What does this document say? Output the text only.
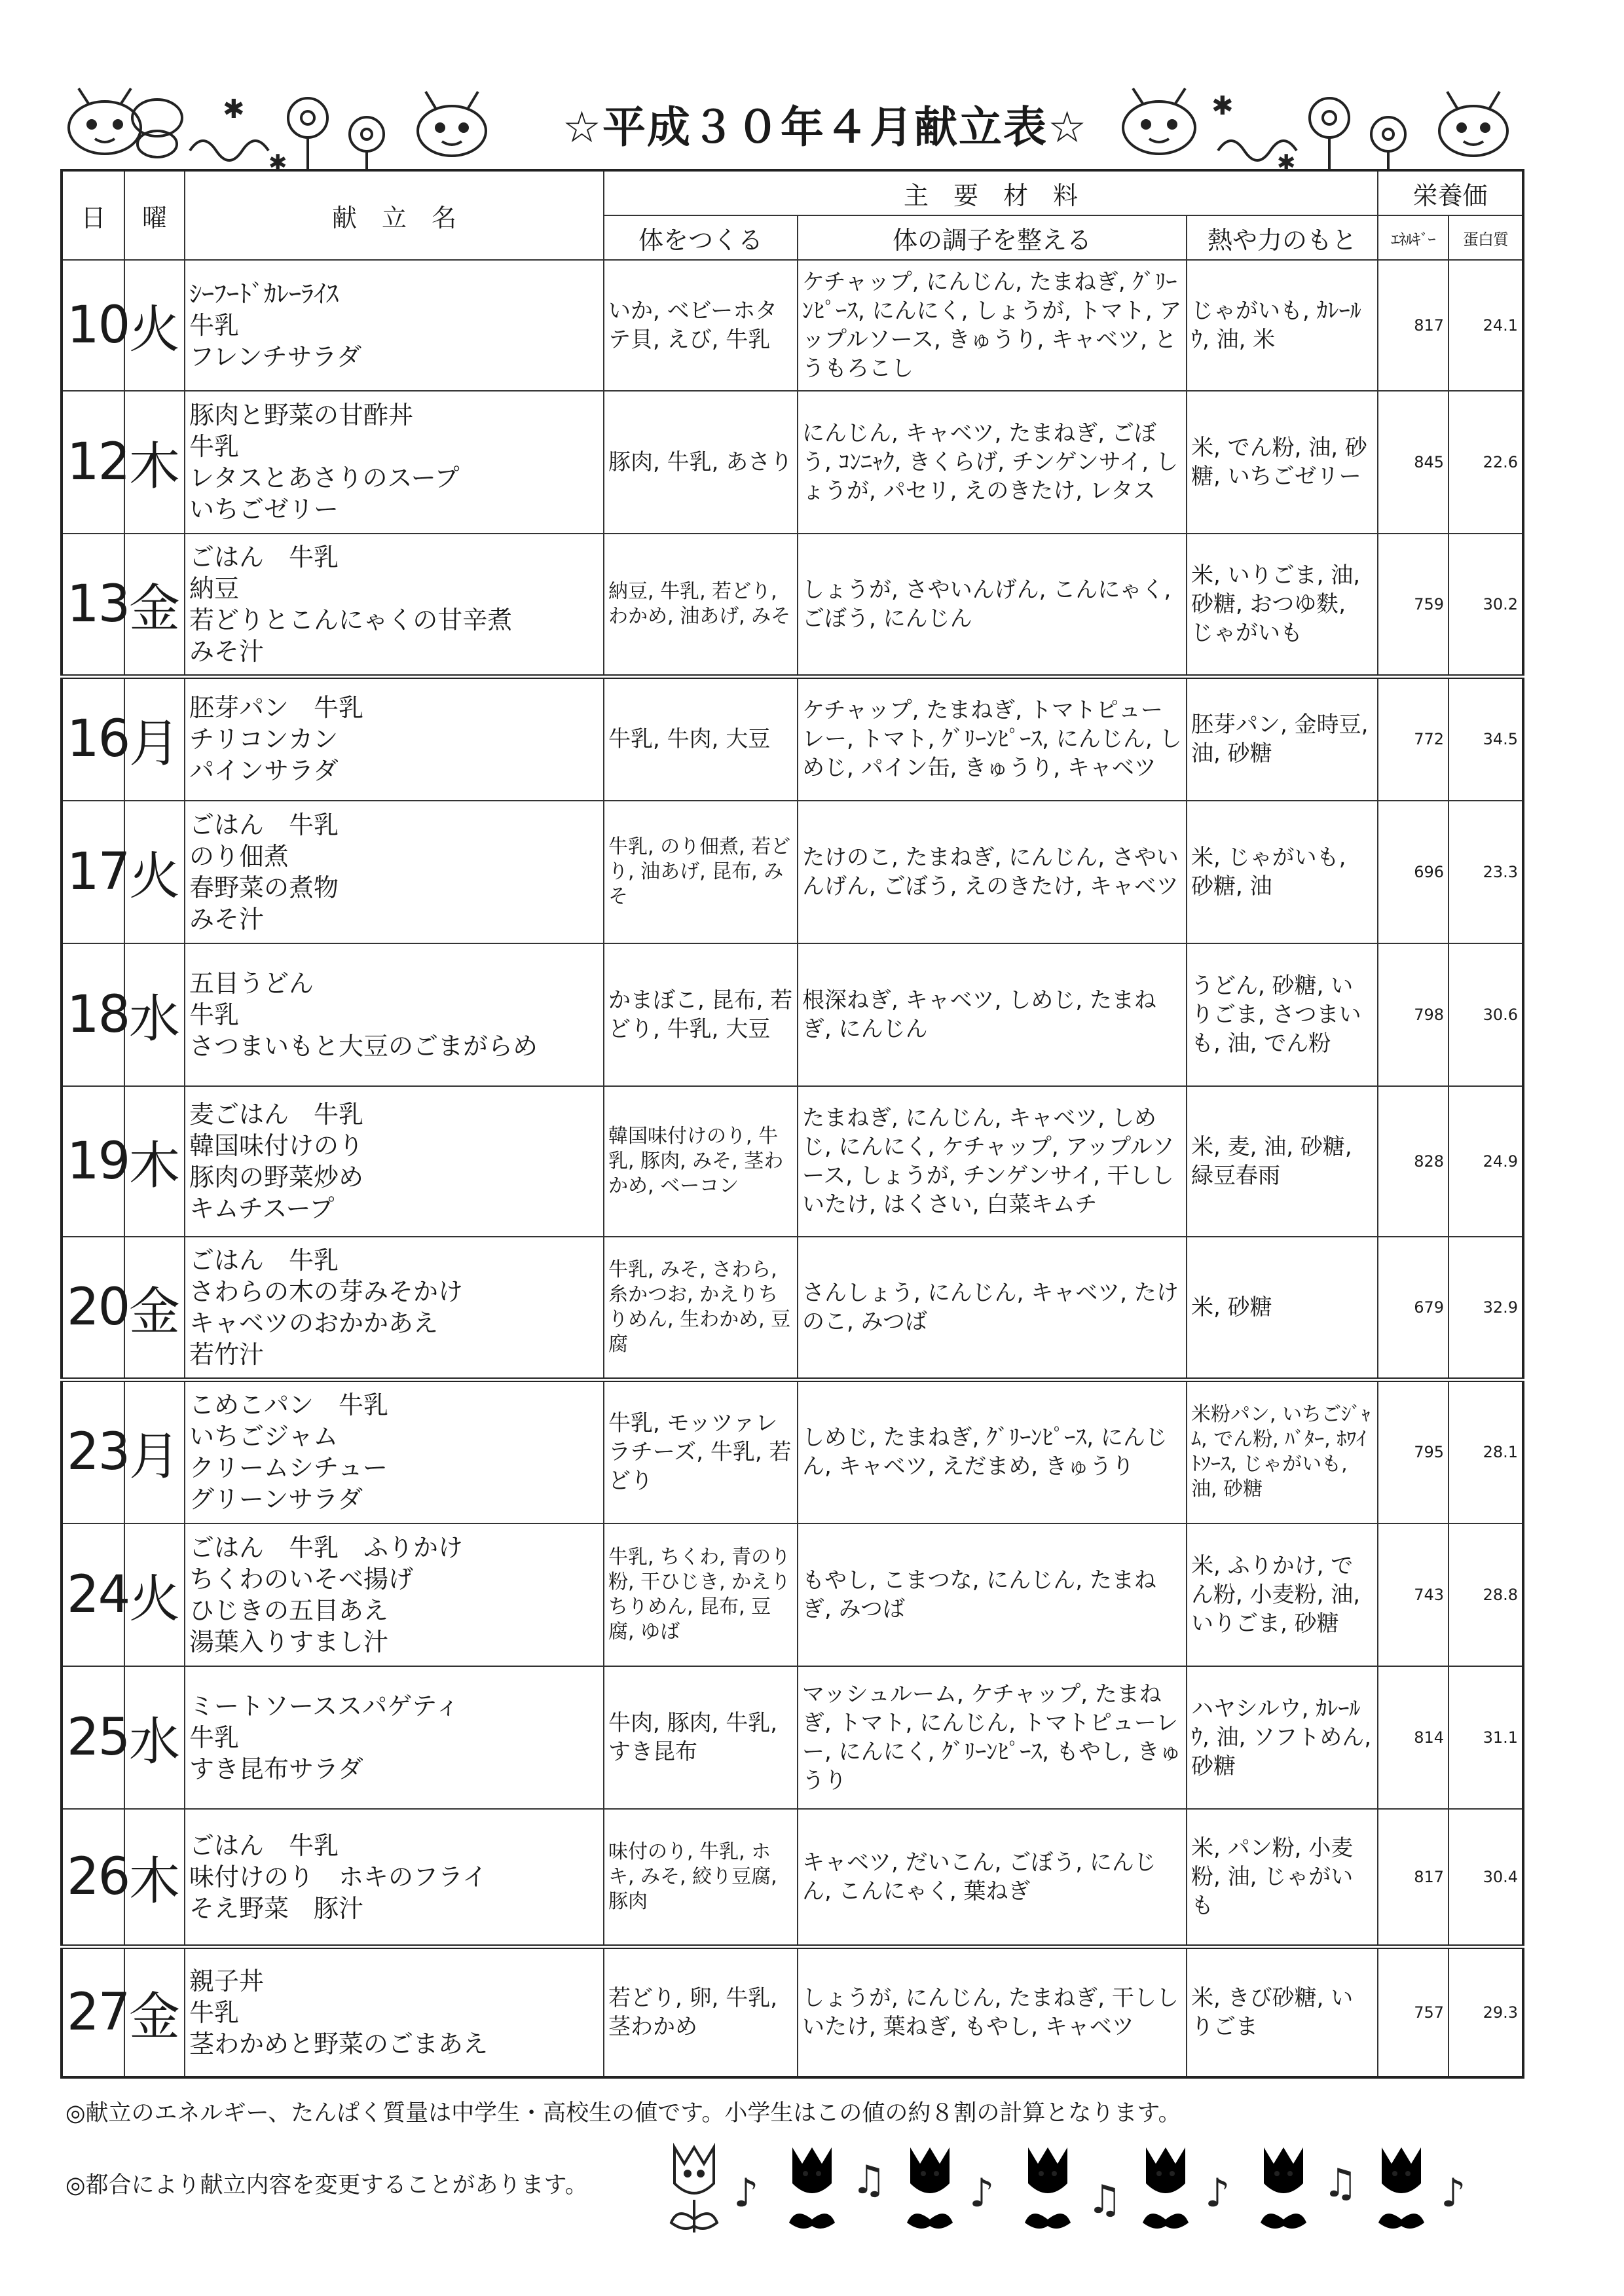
✱
✱
☆平成３０年４月献立表☆	✱
✱
日	曜	献　立　名	主　要　材　料			栄養価	
			体をつくる	体の調子を整える	熱や力のもと	ｴﾈﾙｷﾞｰ	蛋白質
10	火	ｼｰﾌｰﾄﾞｶﾚｰﾗｲｽ
牛乳
フレンチサラダ	いか, ベビーホタテ貝, えび, 牛乳	ケチャップ, にんじん, たまねぎ, ｸﾞﾘｰﾝﾋﾟｰｽ, にんにく, しょうが, トマト, アップルソース, きゅうり, キャベツ, とうもろこし	じゃがいも, ｶﾚｰﾙｳ, 油, 米	817	24.1
12	木	豚肉と野菜の甘酢丼
牛乳
レタスとあさりのスープ
いちごゼリー	豚肉, 牛乳, あさり	にんじん, キャベツ, たまねぎ, ごぼう, ｺﾝﾆｬｸ, きくらげ, チンゲンサイ, しょうが, パセリ, えのきたけ, レタス	米, でん粉, 油, 砂糖, いちごゼリー	845	22.6
13	金	ごはん　牛乳
納豆
若どりとこんにゃくの甘辛煮
みそ汁	納豆, 牛乳, 若どり, わかめ, 油あげ, みそ	しょうが, さやいんげん, こんにゃく, ごぼう, にんじん	米, いりごま, 油, 砂糖, おつゆ麩, じゃがいも	759	30.2
16	月	胚芽パン　牛乳
チリコンカン
パインサラダ	牛乳, 牛肉, 大豆	ケチャップ, たまねぎ, トマトピューレー, トマト, ｸﾞﾘｰﾝﾋﾟｰｽ, にんじん, しめじ, パイン缶, きゅうり, キャベツ	胚芽パン, 金時豆, 油, 砂糖	772	34.5
17	火	ごはん　牛乳
のり佃煮
春野菜の煮物
みそ汁	牛乳, のり佃煮, 若どり, 油あげ, 昆布, みそ	たけのこ, たまねぎ, にんじん, さやいんげん, ごぼう, えのきたけ, キャベツ	米, じゃがいも, 砂糖, 油	696	23.3
18	水	五目うどん
牛乳
さつまいもと大豆のごまがらめ	かまぼこ, 昆布, 若どり, 牛乳, 大豆	根深ねぎ, キャベツ, しめじ, たまねぎ, にんじん	うどん, 砂糖, いりごま, さつまいも, 油, でん粉	798	30.6
19	木	麦ごはん　牛乳
韓国味付けのり
豚肉の野菜炒め
キムチスープ	韓国味付けのり, 牛乳, 豚肉, みそ, 茎わかめ, ベーコン	たまねぎ, にんじん, キャベツ, しめじ, にんにく, ケチャップ, アップルソース, しょうが, チンゲンサイ, 干ししいたけ, はくさい, 白菜キムチ	米, 麦, 油, 砂糖, 緑豆春雨	828	24.9
20	金	ごはん　牛乳
さわらの木の芽みそかけ
キャベツのおかかあえ
若竹汁	牛乳, みそ, さわら, 糸かつお, かえりちりめん, 生わかめ, 豆腐	さんしょう, にんじん, キャベツ, たけのこ, みつば	米, 砂糖	679	32.9
23	月	こめこパン　牛乳
いちごジャム
クリームシチュー
グリーンサラダ	牛乳, モッツァレラチーズ, 牛乳, 若どり	しめじ, たまねぎ, ｸﾞﾘｰﾝﾋﾟｰｽ, にんじん, キャベツ, えだまめ, きゅうり	米粉パン, いちごｼﾞｬﾑ, でん粉, ﾊﾞﾀｰ, ﾎﾜｲﾄｿｰｽ, じゃがいも, 油, 砂糖	795	28.1
24	火	ごはん　牛乳　ふりかけ
ちくわのいそべ揚げ
ひじきの五目あえ
湯葉入りすまし汁	牛乳, ちくわ, 青のり粉, 干ひじき, かえりちりめん, 昆布, 豆腐, ゆば	もやし, こまつな, にんじん, たまねぎ, みつば	米, ふりかけ, でん粉, 小麦粉, 油, いりごま, 砂糖	743	28.8
25	水	ミートソーススパゲティ
牛乳
すき昆布サラダ	牛肉, 豚肉, 牛乳, すき昆布	マッシュルーム, ケチャップ, たまねぎ, トマト, にんじん, トマトピューレー, にんにく, ｸﾞﾘｰﾝﾋﾟｰｽ, もやし, きゅうり	ハヤシルウ, ｶﾚｰﾙｳ, 油, ソフトめん, 砂糖	814	31.1
26	木	ごはん　牛乳
味付けのり　ホキのフライ
そえ野菜　豚汁	味付のり, 牛乳, ホキ, みそ, 絞り豆腐, 豚肉	キャベツ, だいこん, ごぼう, にんじん, こんにゃく, 葉ねぎ	米, パン粉, 小麦粉, 油, じゃがいも	817	30.4
27	金	親子丼
牛乳
茎わかめと野菜のごまあえ	若どり, 卵, 牛乳, 茎わかめ	しょうが, にんじん, たまねぎ, 干ししいたけ, 葉ねぎ, もやし, キャベツ	米, きび砂糖, いりごま	757	29.3
◎献立のエネルギー、たんぱく質量は中学生・高校生の値です。小学生はこの値の約８割の計算となります。
◎都合により献立内容を変更することがあります。	♪ ♫ ♪ ♫ ♪ ♫ ♪
